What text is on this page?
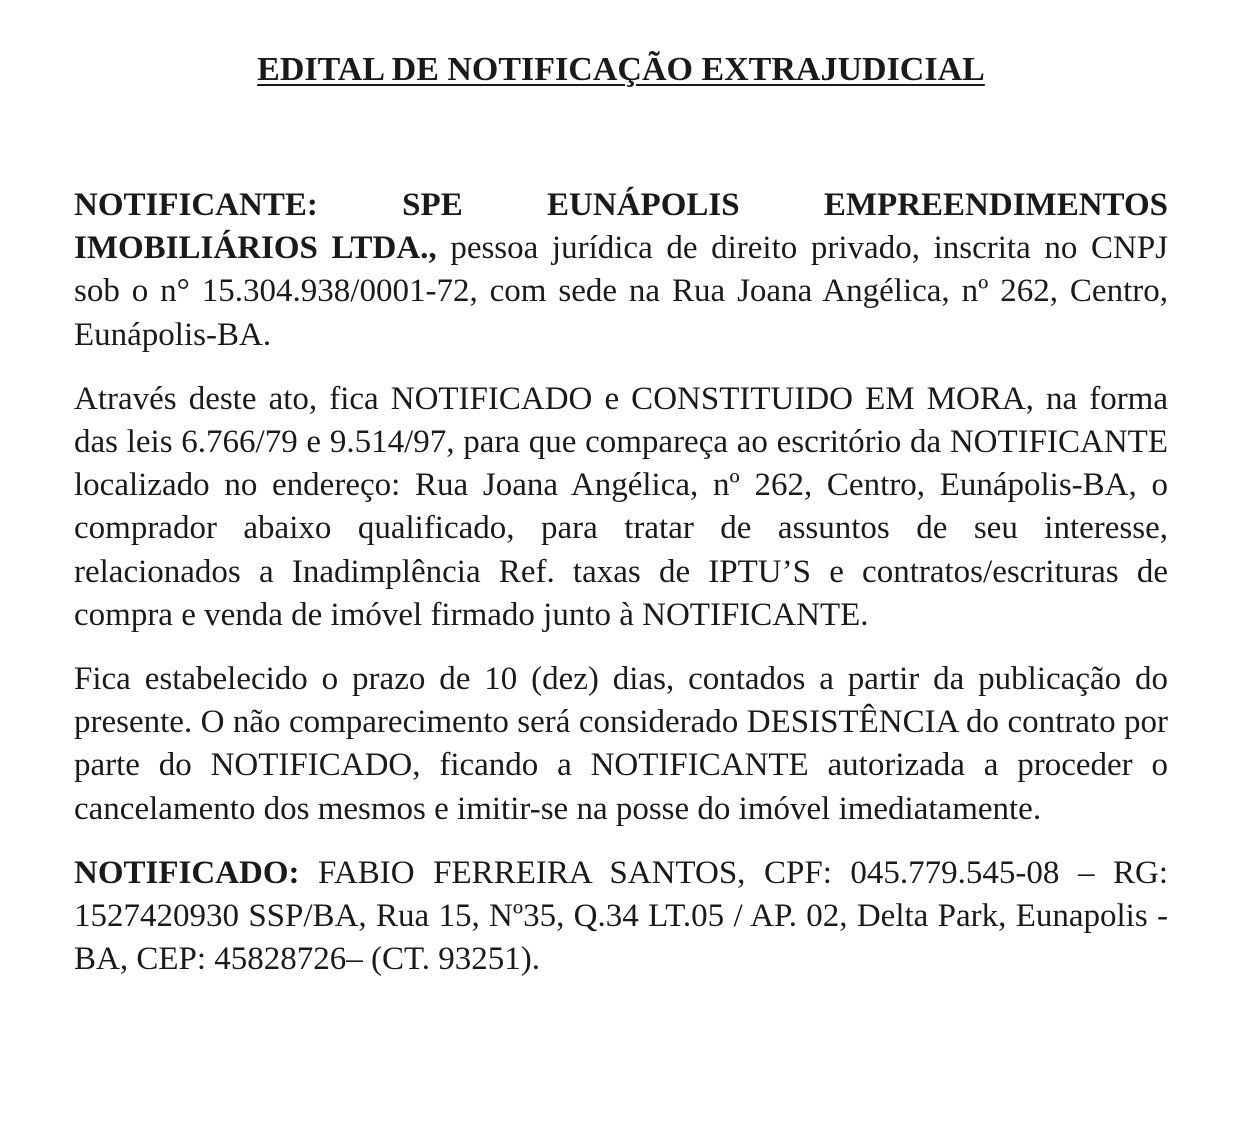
EDITAL DE NOTIFICAÇÃO EXTRAJUDICIAL

NOTIFICANTE: SPE EUNÁPOLIS EMPREENDIMENTOS IMOBILIÁRIOS LTDA., pessoa jurídica de direito privado, inscrita no CNPJ sob o n° 15.304.938/0001-72, com sede na Rua Joana Angélica, nº 262, Centro, Eunápolis-BA.

Através deste ato, fica NOTIFICADO e CONSTITUIDO EM MORA, na forma das leis 6.766/79 e 9.514/97, para que compareça ao escritório da NOTIFICANTE localizado no endereço: Rua Joana Angélica, nº 262, Centro, Eunápolis-BA, o comprador abaixo qualificado, para tratar de assuntos de seu interesse, relacionados a Inadimplência Ref. taxas de IPTU’S e contratos/escrituras de compra e venda de imóvel firmado junto à NOTIFICANTE.

Fica estabelecido o prazo de 10 (dez) dias, contados a partir da publicação do presente. O não comparecimento será considerado DESISTÊNCIA do contrato por parte do NOTIFICADO, ficando a NOTIFICANTE autorizada a proceder o cancelamento dos mesmos e imitir-se na posse do imóvel imediatamente.

NOTIFICADO: FABIO FERREIRA SANTOS, CPF: 045.779.545-08 – RG: 1527420930 SSP/BA, Rua 15, Nº35, Q.34 LT.05 / AP. 02, Delta Park, Eunapolis - BA, CEP: 45828726– (CT. 93251).
